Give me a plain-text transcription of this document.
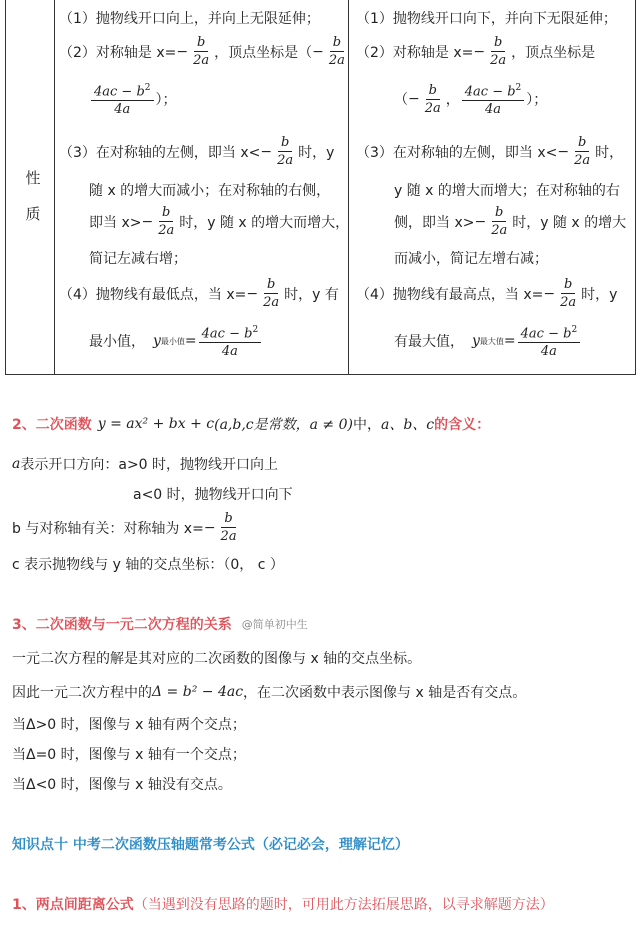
性
质
（1）抛物线开口向上，并向上无限延伸；
（2）对称轴是 $x= - \frac{b}{2a}$ ，顶点坐标是（ − $\frac{b}{2a}$
$\frac{4ac - b^2}{4a}$ ）；
（3）在对称轴的左侧，即当 $x< - \frac{b}{2a}$ 时，y
随 x 的增大而减小；在对称轴的右侧，
即当 $x> - \frac{b}{2a}$ 时，y 随 x 的增大而增大，
简记左减右增；
（4）抛物线有最低点，当 $x= - \frac{b}{2a}$ 时，y 有
最小值， y 最小值 = $\frac{4ac - b^2}{4a}$
（1）抛物线开口向下，并向下无限延伸；
（2）对称轴是 $x= - \frac{b}{2a}$ ，顶点坐标是
（ − $\frac{b}{2a}$ ， $\frac{4ac - b^2}{4a}$ ）；
（3）在对称轴的左侧，即当 $x< - \frac{b}{2a}$ 时，
y 随 x 的增大而增大；在对称轴的右
侧，即当 $x> - \frac{b}{2a}$ 时，y 随 x 的增大
而减小，简记左增右减；
（4）抛物线有最高点，当 $x= - \frac{b}{2a}$ 时，y
有最大值， y 最大值 = $\frac{4ac - b^2}{4a}$
2、二次函数 y = ax² + bx + c (a,b,c是常数，a ≠ 0) 中， a、b、c 的含义：
a 表示开口方向： a>0 时，抛物线开口向上
a<0 时，抛物线开口向下
b 与对称轴有关：对称轴为 $x= - \frac{b}{2a}$
c 表示抛物线与 y 轴的交点坐标：（0， c ）
3、二次函数与一元二次方程的关系 @简单初中生
一元二次方程的解是其对应的二次函数的图像与 x 轴的交点坐标。
因此一元二次方程中的 Δ = b² − 4ac ，在二次函数中表示图像与 x 轴是否有交点。
当Δ>0 时，图像与 x 轴有两个交点；
当Δ=0 时，图像与 x 轴有一个交点；
当Δ<0 时，图像与 x 轴没有交点。
知识点十 中考二次函数压轴题常考公式（必记必会，理解记忆）
1、两点间距离公式 （当遇到没有思路的题时，可用此方法拓展思路，以寻求解题方法）
